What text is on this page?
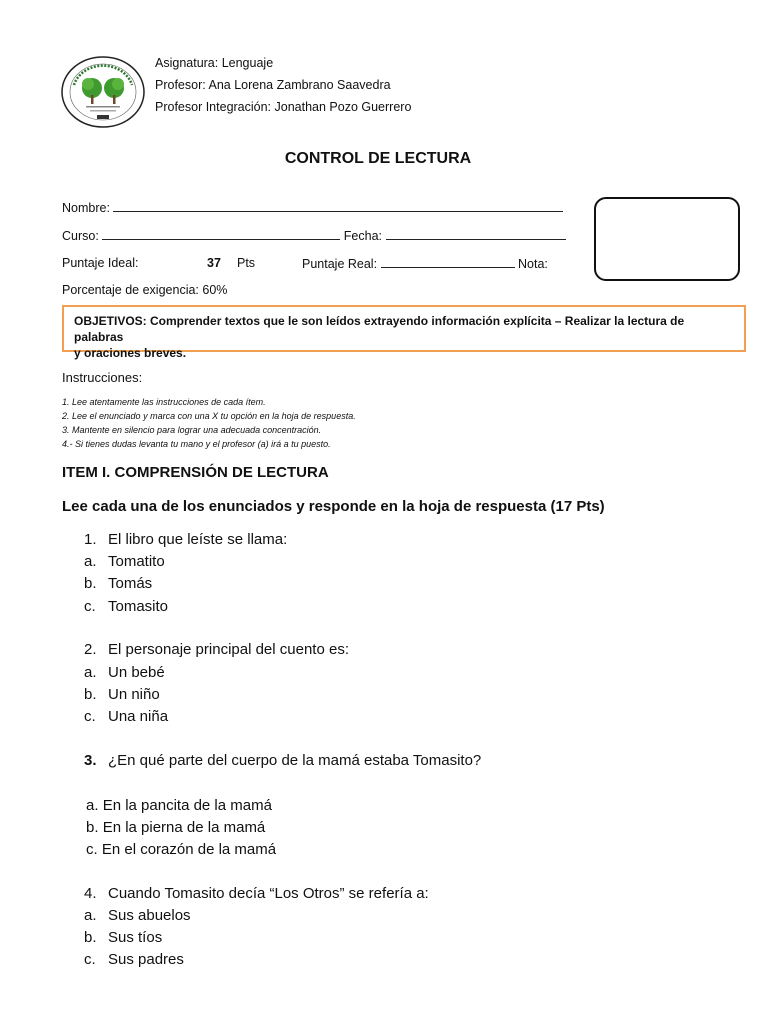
Asignatura: Lenguaje
Profesor: Ana Lorena Zambrano Saavedra
Profesor Integración: Jonathan Pozo Guerrero
CONTROL DE LECTURA
Nombre:
Curso:	Fecha:
Puntaje Ideal:	37 Pts	Puntaje Real:	Nota:
Porcentaje de exigencia: 60%
OBJETIVOS: Comprender textos que le son leídos extrayendo información explícita – Realizar la lectura de palabras
y oraciones breves.
Instrucciones:
1. Lee atentamente las instrucciones de cada ítem.
2. Lee el enunciado y marca con una X tu opción en la hoja de respuesta.
3. Mantente en silencio para lograr una adecuada concentración.
4.- Si tienes dudas levanta tu mano y el profesor (a) irá a tu puesto.
ITEM I. COMPRENSIÓN DE LECTURA
Lee cada una de los enunciados y responde en la hoja de respuesta (17 Pts)
1. El libro que leíste se llama:
a. Tomatito
b. Tomás
c. Tomasito
2. El personaje principal del cuento es:
a. Un bebé
b. Un niño
c. Una niña
3. ¿En qué parte del cuerpo de la mamá estaba Tomasito?
a. En la pancita de la mamá
b. En la pierna de la mamá
c. En el corazón de la mamá
4. Cuando Tomasito decía “Los Otros” se refería a:
a. Sus abuelos
b. Sus tíos
c. Sus padres
